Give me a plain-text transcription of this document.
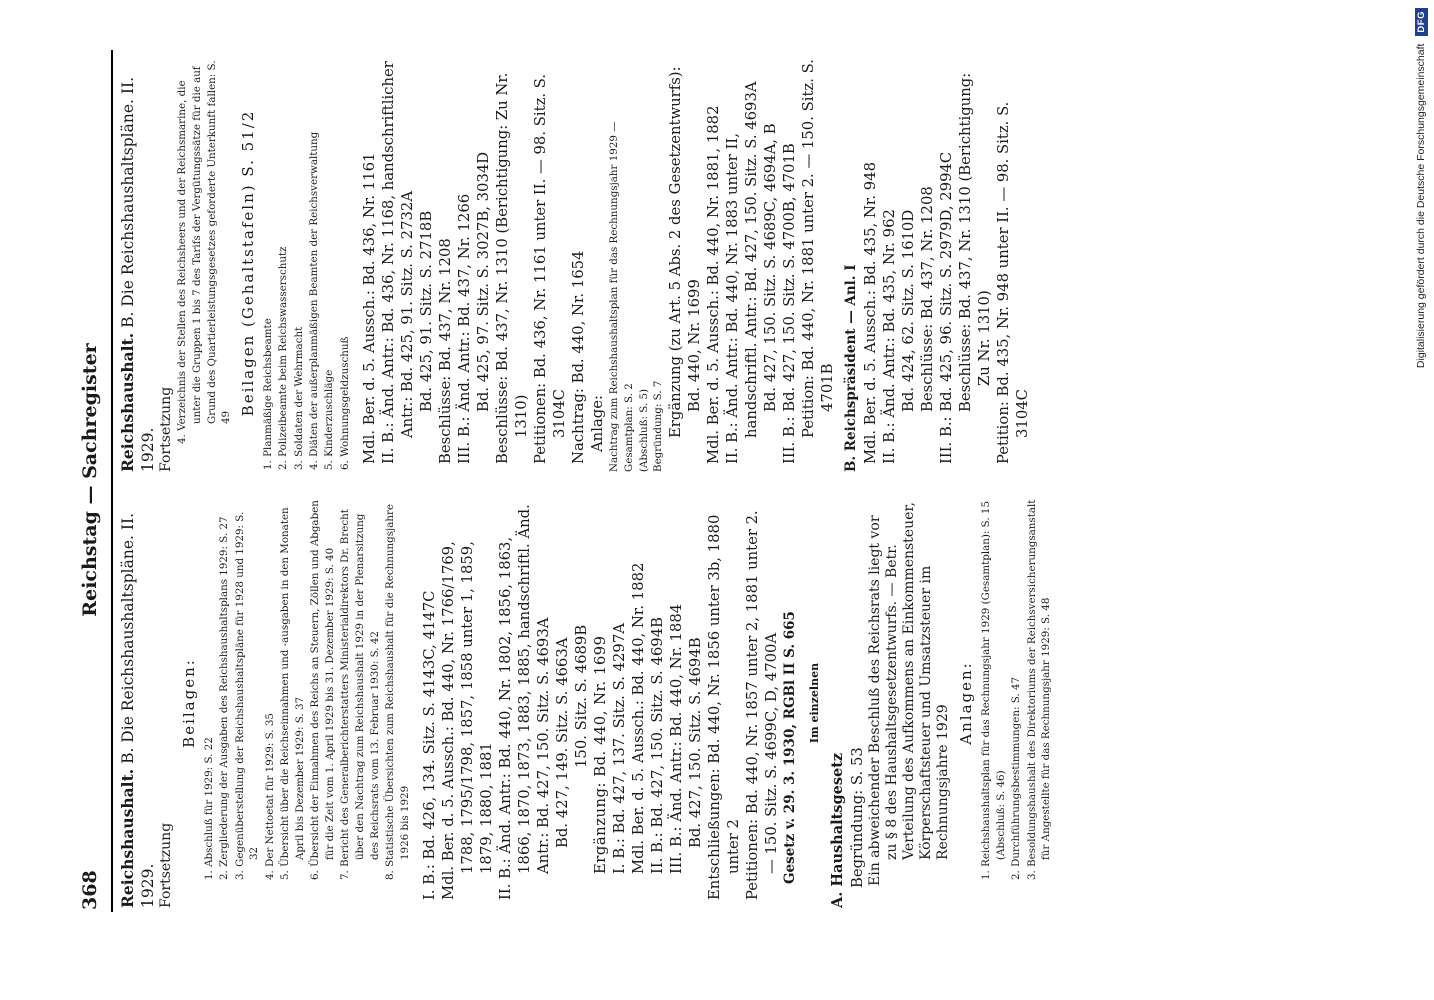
368
Reichstag — Sachregister

Reichshaushalt. B. Die Reichshaushaltspläne. II. 1929. Fortsetzung

Beilagen:

1. Abschluß für 1929: S. 22 2. Zergliederung der Ausgaben des Reichshaushaltsplans 1929: S. 27 3. Gegenüberstellung der Reichshaushaltspläne für 1928 und 1929: S. 32 4. Der Nettoetat für 1929: S. 35 5. Übersicht über die Reichseinnahmen und -ausgaben in den Monaten April bis Dezember 1929: S. 37 6. Übersicht der Einnahmen des Reichs an Steuern, Zöllen und Abgaben für die Zeit vom 1. April 1929 bis 31. Dezember 1929: S. 40 7. Bericht des Generalberichterstatters Ministerialdirektors Dr. Brecht über den Nachtrag zum Reichshaushalt 1929 in der Plenarsitzung des Reichsrats vom 13. Februar 1930: S. 42 8. Statistische Übersichten zum Reichshaushalt für die Rechnungsjahre 1926 bis 1929 I. B.: Bd. 426, 134. Sitz. S. 4143C, 4147C Mdl. Ber. d. 5. Aussch.: Bd. 440, Nr. 1766/1769, 1788, 1795/1798, 1857, 1858 unter 1, 1859, 1879, 1880, 1881 II. B.: Änd. Antr.: Bd. 440, Nr. 1802, 1856, 1863, 1866, 1870, 1873, 1883, 1885, handschriftl. Änd. Antr.: Bd. 427, 150. Sitz. S. 4693A Bd. 427, 149. Sitz. S. 4663A 150. Sitz. S. 4689B Ergänzung: Bd. 440, Nr. 1699 I. B.: Bd. 427, 137. Sitz. S. 4297A Mdl. Ber. d. 5. Aussch.: Bd. 440, Nr. 1882 II. B.: Bd. 427, 150. Sitz. S. 4694B III. B.: Änd. Antr.: Bd. 440, Nr. 1884 Bd. 427, 150. Sitz. S. 4694B Entschließungen: Bd. 440, Nr. 1856 unter 3b, 1880 unter 2 Petitionen: Bd. 440, Nr. 1857 unter 2, 1881 unter 2. — 150. Sitz. S. 4699C, D, 4700A Gesetz v. 29. 3. 1930, RGBl II S. 665 Im einzelnen

A. Haushaltsgesetz Begründung: S. 53 Ein abweichender Beschluß des Reichsrats liegt vor zu § 8 des Haushaltsgesetzentwurfs. — Betr. Verteilung des Aufkommens an Einkommensteuer, Körperschaftsteuer und Umsatzsteuer im Rechnungsjahre 1929

Anlagen: 1. Reichshaushaltsplan für das Rechnungsjahr 1929 (Gesamtplan): S. 15 (Abschluß: S. 46) 2. Durchführungsbestimmungen: S. 47 3. Besoldungshaushalt des Direktoriums der Reichsversicherungsanstalt für Angestellte für das Rechnungsjahr 1929: S. 48

Reichshaushalt. B. Die Reichshaushaltspläne. II. 1929. Fortsetzung 4. Verzeichnis der Stellen des Reichsheers und der Reichsmarine, die unter die Gruppen 1 bis 7 des Tarifs der Vergütungssätze für die auf Grund des Quartierleistungsgesetzes geforderte Unterkunft fallen: S. 49

Beilagen (Gehaltstafeln) S. 51/2 1. Planmäßige Reichsbeamte 2. Polizeibeamte beim Reichswasserschutz 3. Soldaten der Wehrmacht 4. Diäten der außerplanmäßigen Beamten der Reichsverwaltung 5. Kinderzuschläge 6. Wohnungsgeldzuschuß Mdl. Ber. d. 5. Aussch.: Bd. 436, Nr. 1161 II. B.: Änd. Antr.: Bd. 436, Nr. 1168, handschriftlicher Antr.: Bd. 425, 91. Sitz. S. 2732A Bd. 425, 91. Sitz. S. 2718B Beschlüsse: Bd. 437, Nr. 1208 III. B.: Änd. Antr.: Bd. 437, Nr. 1266 Bd. 425, 97. Sitz. S. 3027B, 3034D Beschlüsse: Bd. 437, Nr. 1310 (Berichtigung: Zu Nr. 1310) Petitionen: Bd. 436, Nr. 1161 unter II. — 98. Sitz. S. 3104C Nachtrag: Bd. 440, Nr. 1654 Anlage: Nachtrag zum Reichshaushaltsplan für das Rechnungsjahr 1929 — Gesamtplan: S. 2 (Abschluß: S. 5) Begründung: S. 7 Ergänzung (zu Art. 5 Abs. 2 des Gesetzentwurfs): Bd. 440, Nr. 1699 Mdl. Ber. d. 5. Aussch.: Bd. 440, Nr. 1881, 1882 II. B.: Änd. Antr.: Bd. 440, Nr. 1883 unter II, handschriftl. Antr.: Bd. 427, 150. Sitz. S. 4693A Bd. 427, 150. Sitz. S. 4689C, 4694A, B III. B.: Bd. 427, 150. Sitz. S. 4700B, 4701B Petition: Bd. 440, Nr. 1881 unter 2. — 150. Sitz. S. 4701B B. Reichspräsident — Anl. I Mdl. Ber. d. 5. Aussch.: Bd. 435, Nr. 948 II. B.: Änd. Antr.: Bd. 435, Nr. 962 Bd. 424, 62. Sitz. S. 1610D Beschlüsse: Bd. 437, Nr. 1208 III. B.: Bd. 425, 96. Sitz. S. 2979D, 2994C Beschlüsse: Bd. 437, Nr. 1310 (Berichtigung: Zu Nr. 1310) Petition: Bd. 435, Nr. 948 unter II. — 98. Sitz. S. 3104C

Digitalisierung gefördert durch die Deutsche Forschungsgemeinschaft
DFG
